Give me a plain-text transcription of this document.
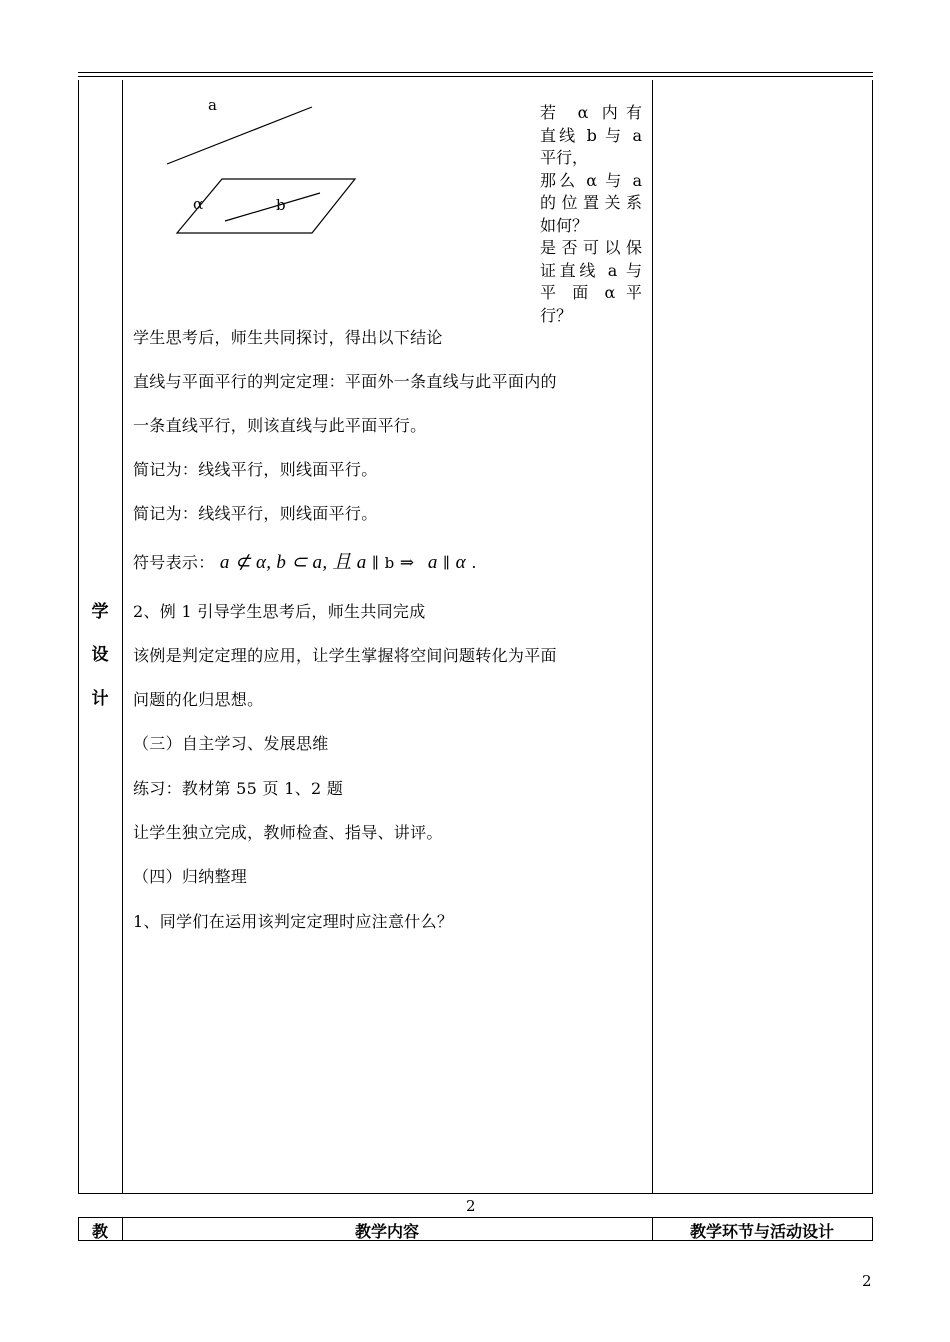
学
设
计
a
α	b
若 α 内有
直线 b 与 a
平行，
那么 α 与 a
的位置关系
如何？
是否可以保
证直线 a 与
平 面 α 平
行？
学生思考后，师生共同探讨，得出以下结论
直线与平面平行的判定定理：平面外一条直线与此平面内的
一条直线平行，则该直线与此平面平行。
简记为：线线平行，则线面平行。
简记为：线线平行，则线面平行。
符号表示： a ⊄ α, b ⊂ a, 且 a ∥ b ⇒ a ∥ α .
2、例 1 引导学生思考后，师生共同完成
该例是判定定理的应用，让学生掌握将空间问题转化为平面
问题的化归思想。
（三）自主学习、发展思维
练习：教材第 55 页 1、2 题
让学生独立完成，教师检查、指导、讲评。
（四）归纳整理
1、同学们在运用该判定定理时应注意什么？
2
教	教学内容	教学环节与活动设计
2
